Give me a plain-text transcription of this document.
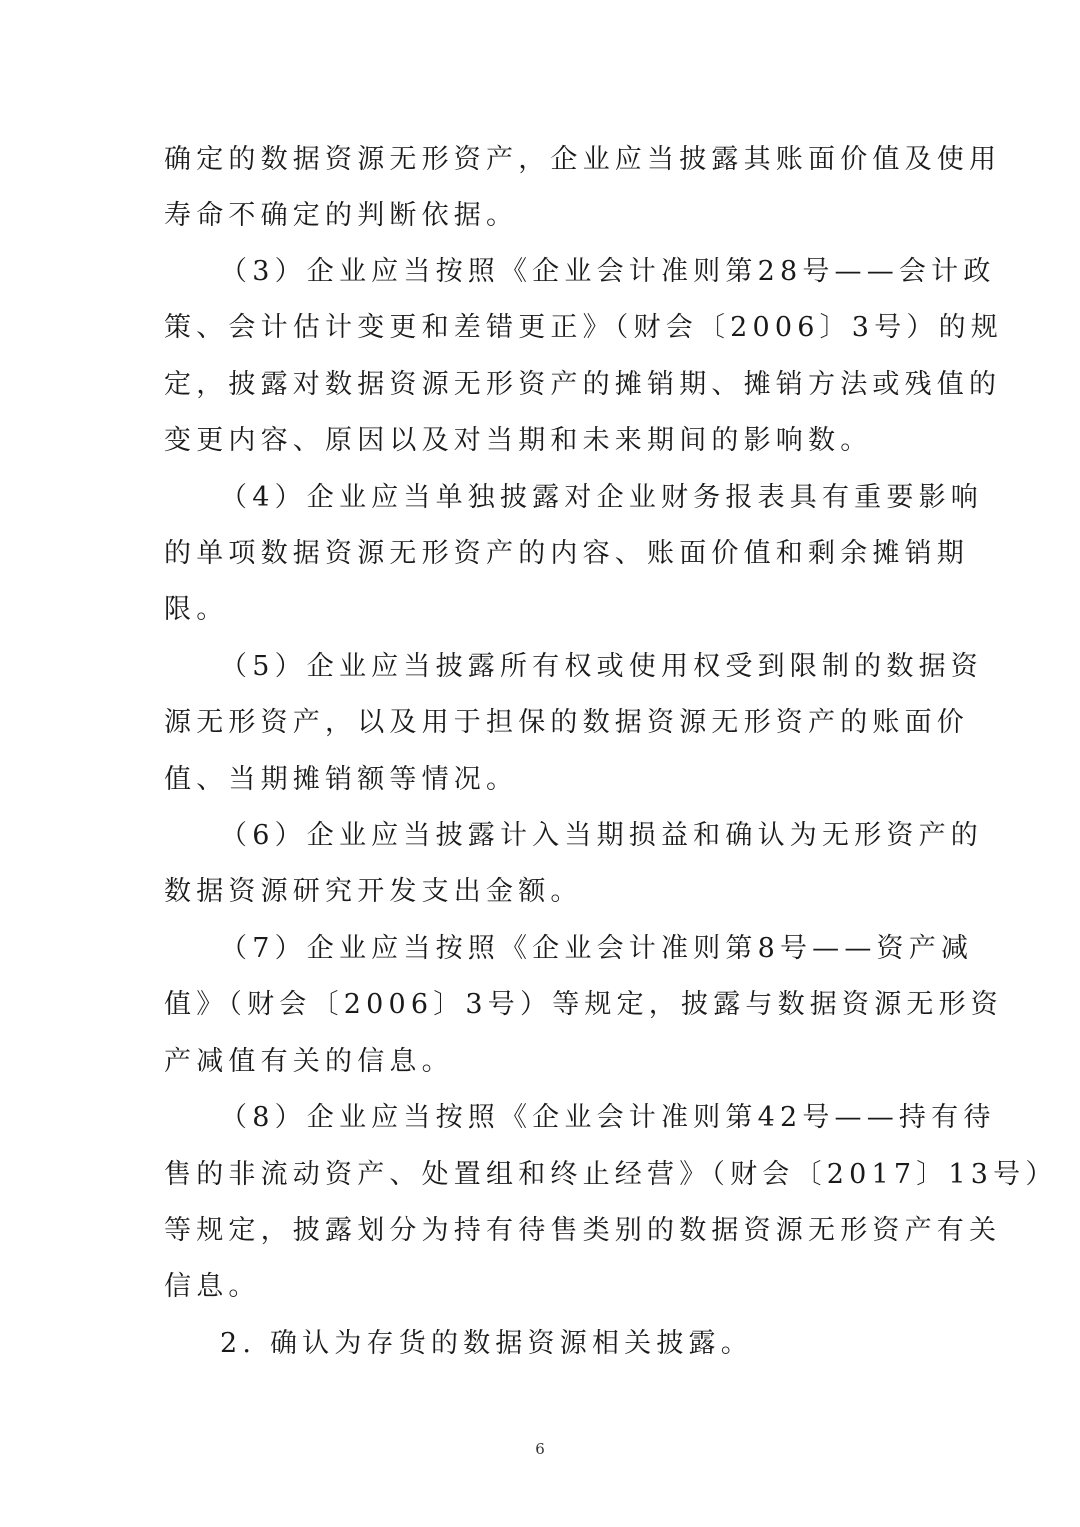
确定的数据资源无形资产，企业应当披露其账面价值及使用
寿命不确定的判断依据。
（3）企业应当按照《企业会计准则第28号——会计政
策、会计估计变更和差错更正》（财会〔2006〕3号）的规
定，披露对数据资源无形资产的摊销期、摊销方法或残值的
变更内容、原因以及对当期和未来期间的影响数。
（4）企业应当单独披露对企业财务报表具有重要影响
的单项数据资源无形资产的内容、账面价值和剩余摊销期
限。
（5）企业应当披露所有权或使用权受到限制的数据资
源无形资产，以及用于担保的数据资源无形资产的账面价
值、当期摊销额等情况。
（6）企业应当披露计入当期损益和确认为无形资产的
数据资源研究开发支出金额。
（7）企业应当按照《企业会计准则第8号——资产减
值》（财会〔2006〕3号）等规定，披露与数据资源无形资
产减值有关的信息。
（8）企业应当按照《企业会计准则第42号——持有待
售的非流动资产、处置组和终止经营》（财会〔2017〕13号）
等规定，披露划分为持有待售类别的数据资源无形资产有关
信息。
2. 确认为存货的数据资源相关披露。
6
